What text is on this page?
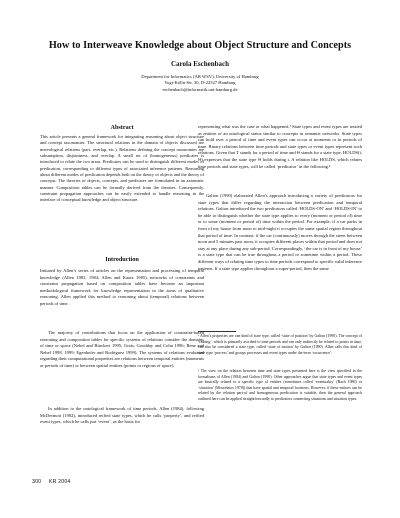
How to Interweave Knowledge about Object Structure and Concepts
Carola Eschenbach
Department for Informatics (AB WSV), University of Hamburg
Vogt-Kölln-Str. 30, D-22527 Hamburg
eschenbach@informatik.uni-hamburg.de
Abstract
This article presents a general framework for integrating reasoning about object structure and concept taxonomies. The structural relations in the domain of objects discussed are mereological relations (part, overlap, etc.). Relations defining the concept taxonomies are subsumption, disjointness, and overlap. A small set of (homogeneous) predicates is introduced to relate the two areas. Predicates can be used to distinguish different modes of predication, corresponding to different types of associated inference patterns. Reasoning about different modes of predication depends both on the theory of objects and the theory of concepts. The theories of objects, concepts, and predicates are formulated in an axiomatic manner. Composition tables can be formally derived from the theories. Consequently, constraint propagation approaches can be easily extended to handle reasoning in the interface of conceptual knowledge and object structure.
Introduction
Initiated by Allen’s series of articles on the representation and processing of temporal knowledge (Allen 1983, 1984; Allen and Kautz 1985), networks of constraints and constraint propagation based on composition tables have become an important methodological framework for knowledge representation in the areas of qualitative reasoning. Allen applied this method to reasoning about (temporal) relations between periods of time.
The majority of contributions that focus on the application of constraint-based reasoning and composition tables for specific systems of relations consider the domains of time or space (Nebel and Bürckert 1995; Gotts, Goodday and Cohn 1996; Renz and Nebel 1998, 1999; Egenhofer and Rodríguez 1999). The systems of relations evaluated regarding their computational properties are relations between temporal entities (moments or periods of time) or between spatial entities (points or regions of space).
In addition to the ontological framework of time periods, Allen (1984), following McDermott (1982), introduced reified state types, which he calls ‘property’, and reified event types, which he calls just ‘event’, as the basis for
representing what was the case or what happened.¹ State types and event types are treated as entities of an ontological status similar to concepts in semantic networks. State types can hold over a period of time and event types can occur at moments or in periods of time. Binary relations between time periods and state types or event types represent such relations. Given that T stands for a period of time and Θ stands for a state type, HOLDS(t, Θ) expresses that the state type Θ holds during t. A relation like HOLDS, which relates time periods and state types, will be called ‘predicator’ in the following.²
Galton (1990) elaborated Allen’s approach introducing a variety of predicators for state types that differ regarding the interaction between predication and temporal relations. Galton introduced the two predicators called ‘HOLDS-ON’ and ‘HOLDS-IN’ to be able to distinguish whether the state type applies to every (moment or period of) time or to some (moment or period of) time within the period. For example, if a car parks in front of my house from noon to mid-night it occupies the same spatial region throughout that period of time. In contrast, if the car (continuously) moves through the street between noon and 5 minutes past noon, it occupies different places within that period and does not stay at any place during any sub-period. Correspondingly, ‘the car is in front of my house’ is a state type that can be true throughout a period or sometime within a period. These different ways of relating time types to time periods correspond to specific valid inference patterns. If a state type applies throughout a super-period, then the same
¹ Allen’s properties are one kind of state type, called ‘state of position’ by Galton (1990). The concept of ‘raining’, which is primarily ascribed to time periods and can only indirectly be related to points in time, can also be considered a state type, called ‘state of motion’ by Galton (1990). Allen calls this kind of state type ‘process’ and groups processes and event types under the term ‘occurrence’.
² The view on the relation between time and state types presented here is the view specified in the formalisms of Allen (1984) and Galton (1990). Other approaches argue that state types and event types are basically related to a specific type of entities (sometimes called ‘eventuality’ (Bach 1986) or ‘situation’ (Mourelatos 1978)) that have spatial and temporal locations. However, if these entities can be related by the relation part-of and homogeneous predication is suitable, then the general approach outlined here can be applied straightforwardly to predicators connecting situations and situation types.
300 KR 2004
